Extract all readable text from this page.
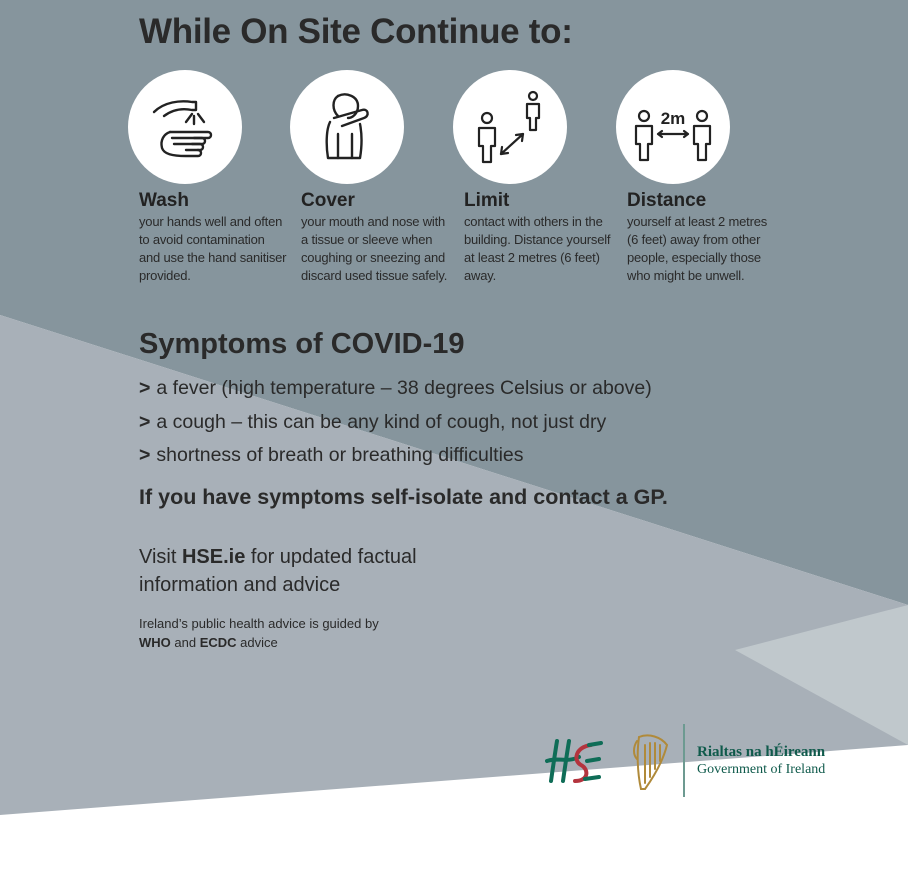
While On Site Continue to:
Wash
your hands well and often to avoid contamination and use the hand sanitiser provided.
Cover
your mouth and nose with a tissue or sleeve when coughing or sneezing and discard used tissue safely.
Limit
contact with others in the building. Distance yourself at least 2 metres (6 feet) away.
2m
Distance
yourself at least 2 metres (6 feet) away from other people, especially those who might be unwell.
Symptoms of COVID-19
> a fever (high temperature – 38 degrees Celsius or above)
> a cough – this can be any kind of cough, not just dry
> shortness of breath or breathing difficulties

If you have symptoms self-isolate and contact a GP.

Visit HSE.ie for updated factual information and advice
Ireland’s public health advice is guided by WHO and ECDC advice
Rialtas na hÉireann
Government of Ireland
